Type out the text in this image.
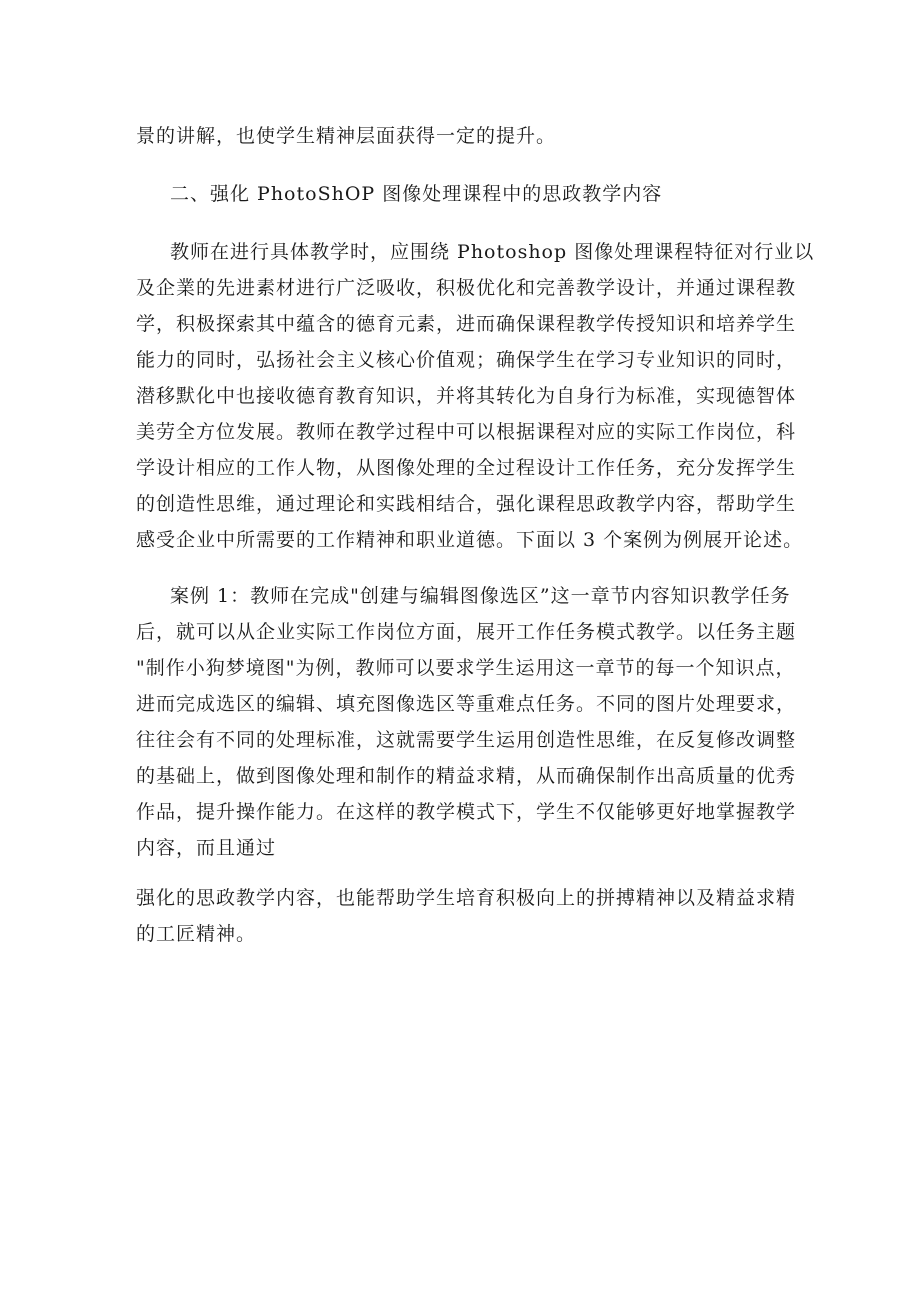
景的讲解，也使学生精神层面获得一定的提升。
二、强化 PhotoShOP 图像处理课程中的思政教学内容
教师在进行具体教学时，应围绕 Photoshop 图像处理课程特征对行业以
及企業的先进素材进行广泛吸收，积极优化和完善教学设计，并通过课程教
学，积极探索其中蕴含的德育元素，进而确保课程教学传授知识和培养学生
能力的同时，弘扬社会主义核心价值观；确保学生在学习专业知识的同时，
潜移默化中也接收德育教育知识，并将其转化为自身行为标准，实现德智体
美劳全方位发展。教师在教学过程中可以根据课程对应的实际工作岗位，科
学设计相应的工作人物，从图像处理的全过程设计工作任务，充分发挥学生
的创造性思维，通过理论和实践相结合，强化课程思政教学内容，帮助学生
感受企业中所需要的工作精神和职业道德。下面以 3 个案例为例展开论述。
案例 1：教师在完成"创建与编辑图像选区”这一章节内容知识教学任务
后，就可以从企业实际工作岗位方面，展开工作任务模式教学。以任务主题
"制作小狗梦境图"为例，教师可以要求学生运用这一章节的每一个知识点，
进而完成选区的编辑、填充图像选区等重难点任务。不同的图片处理要求，
往往会有不同的处理标准，这就需要学生运用创造性思维，在反复修改调整
的基础上，做到图像处理和制作的精益求精，从而确保制作出高质量的优秀
作品，提升操作能力。在这样的教学模式下，学生不仅能够更好地掌握教学
内容，而且通过
强化的思政教学内容，也能帮助学生培育积极向上的拼搏精神以及精益求精
的工匠精神。
